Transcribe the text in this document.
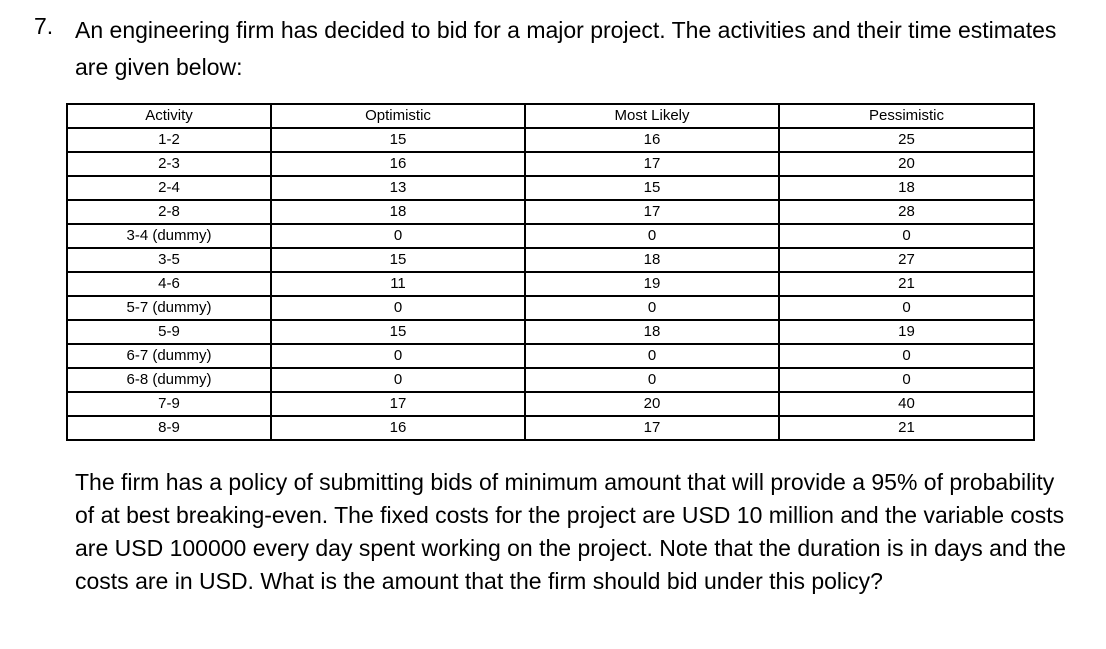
7. An engineering firm has decided to bid for a major project. The activities and their time estimates are given below:
Activity	Optimistic	Most Likely	Pessimistic
1-2	15	16	25
2-3	16	17	20
2-4	13	15	18
2-8	18	17	28
3-4 (dummy)	0	0	0
3-5	15	18	27
4-6	11	19	21
5-7 (dummy)	0	0	0
5-9	15	18	19
6-7 (dummy)	0	0	0
6-8 (dummy)	0	0	0
7-9	17	20	40
8-9	16	17	21
The firm has a policy of submitting bids of minimum amount that will provide a 95% of probability of at best breaking-even. The fixed costs for the project are USD 10 million and the variable costs are USD 100000 every day spent working on the project. Note that the duration is in days and the costs are in USD. What is the amount that the firm should bid under this policy?
